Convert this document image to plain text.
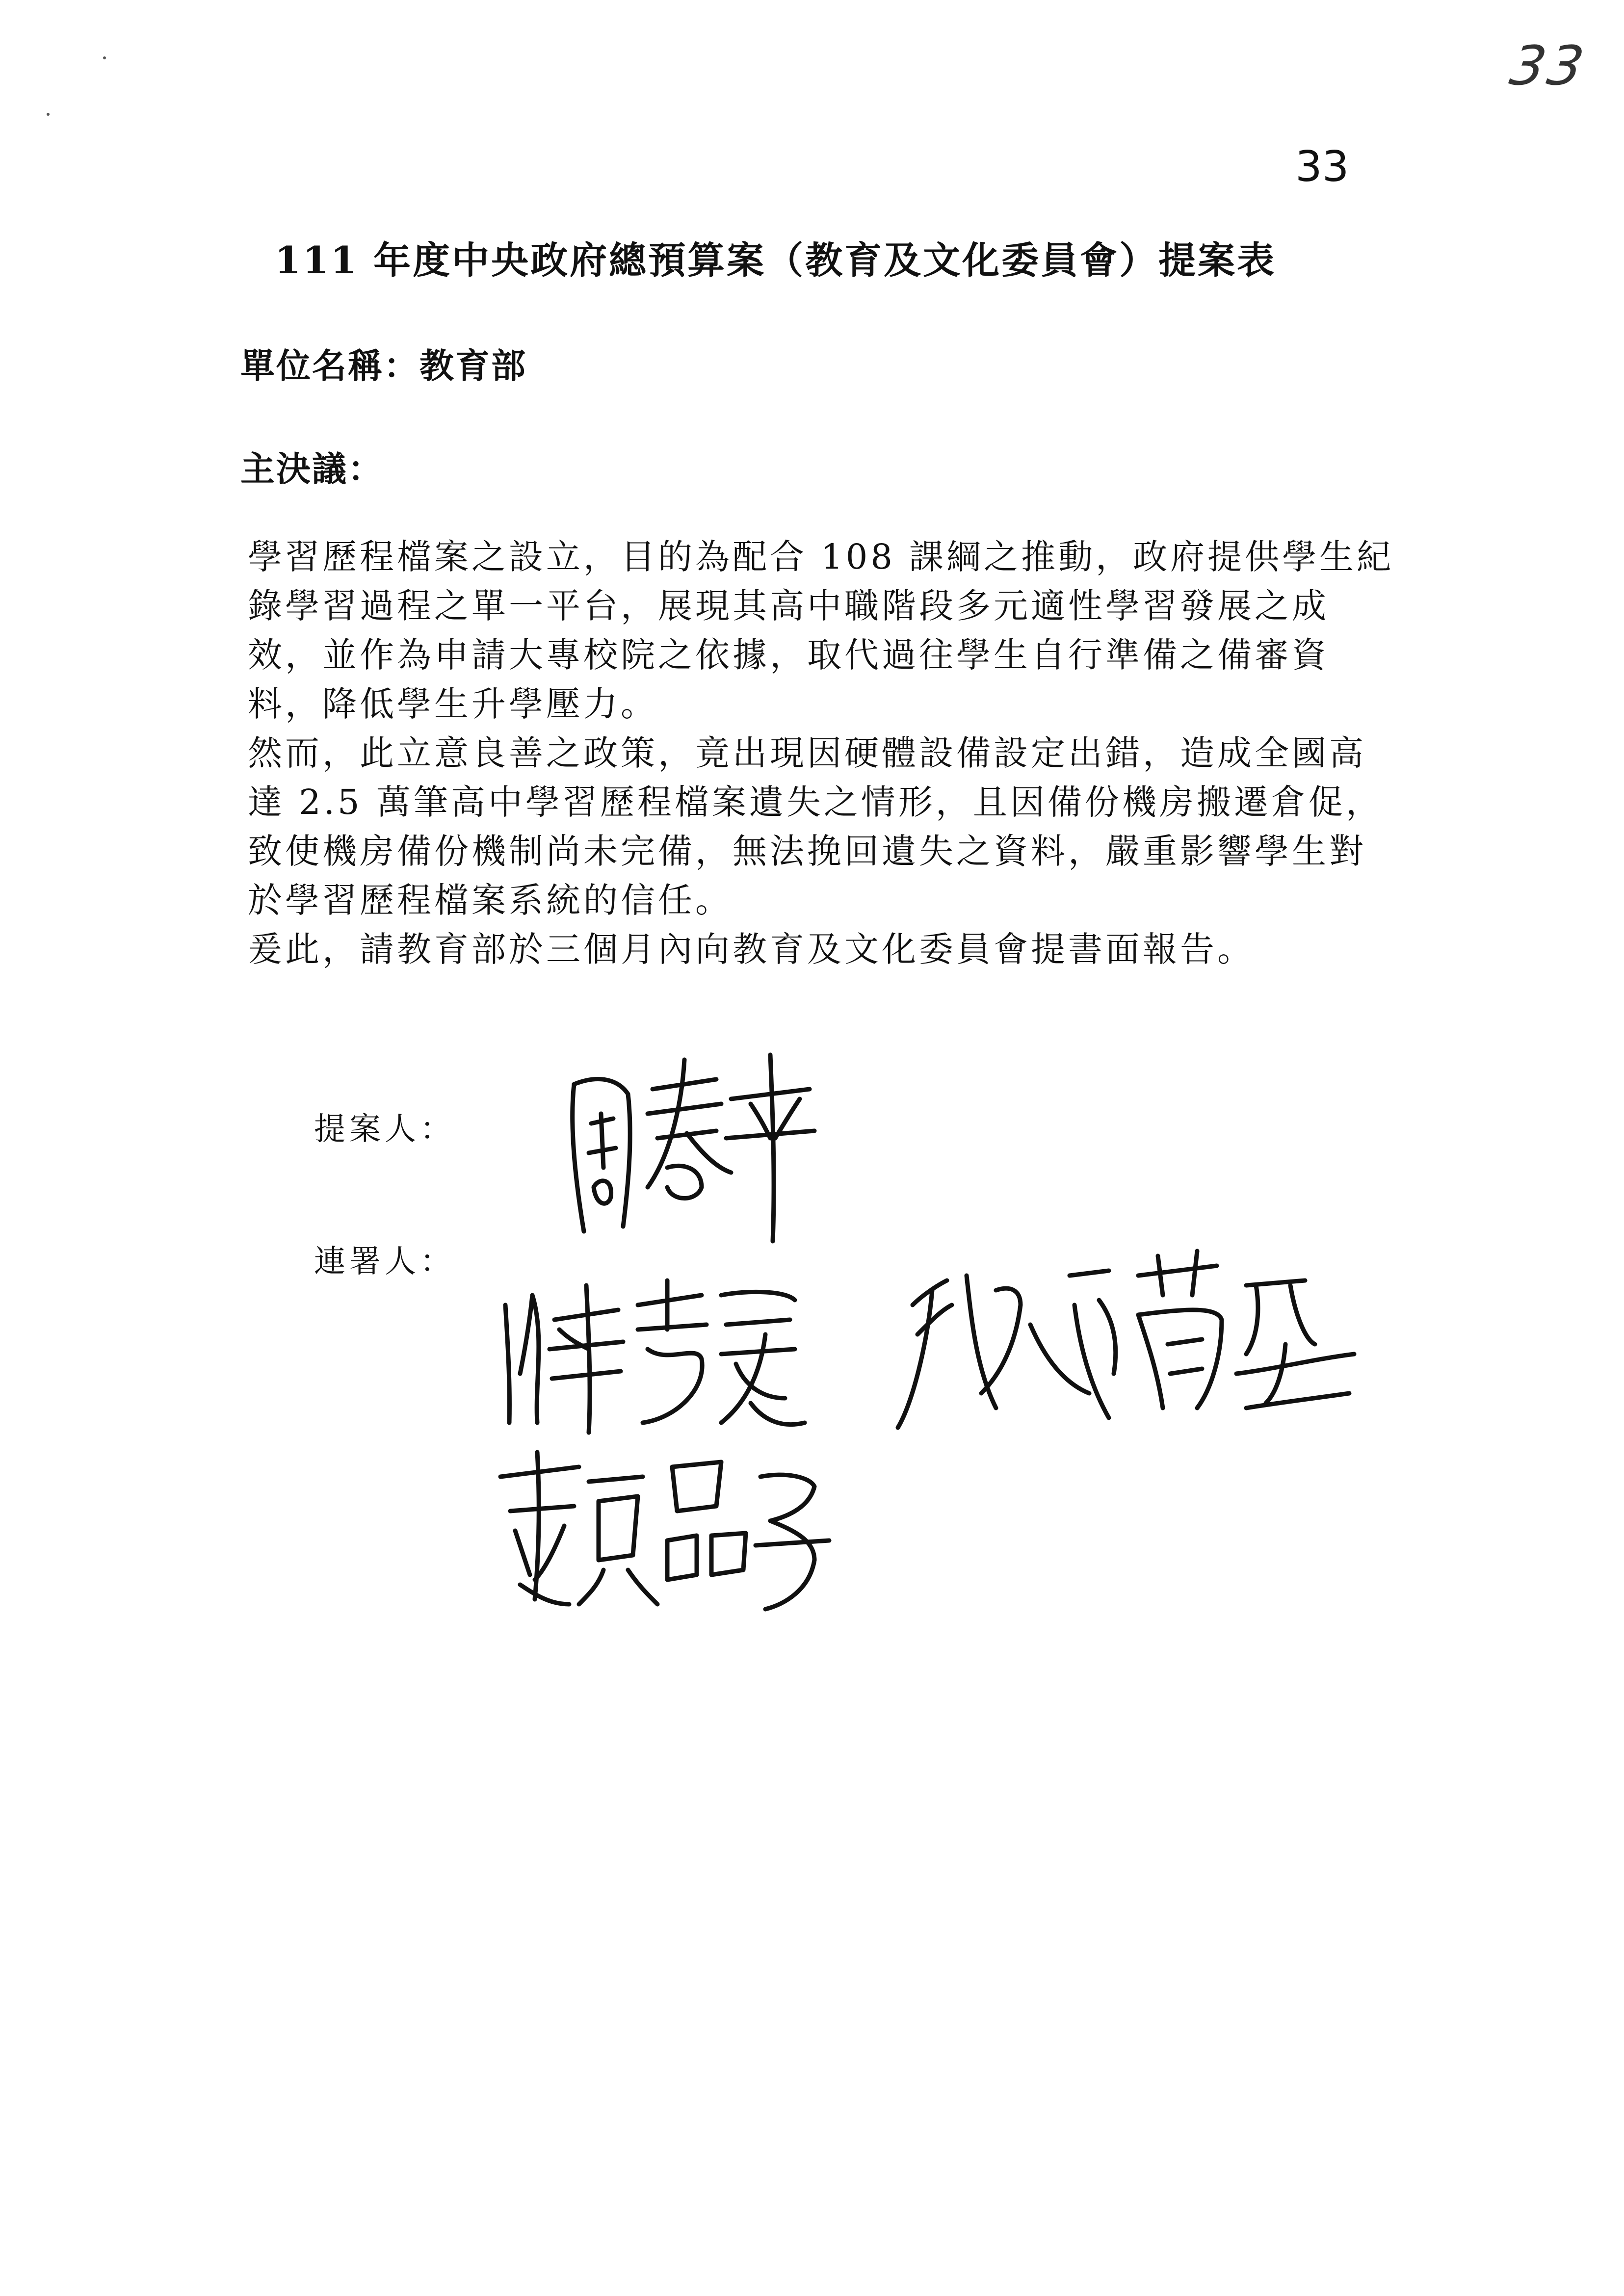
33
33
111 年度中央政府總預算案（教育及文化委員會）提案表
單位名稱：教育部
主決議：
學習歷程檔案之設立，目的為配合 108 課綱之推動，政府提供學生紀
錄學習過程之單一平台，展現其高中職階段多元適性學習發展之成
效，並作為申請大專校院之依據，取代過往學生自行準備之備審資
料，降低學生升學壓力。
然而，此立意良善之政策，竟出現因硬體設備設定出錯，造成全國高
達 2.5 萬筆高中學習歷程檔案遺失之情形，且因備份機房搬遷倉促，
致使機房備份機制尚未完備，無法挽回遺失之資料，嚴重影響學生對
於學習歷程檔案系統的信任。
爰此，請教育部於三個月內向教育及文化委員會提書面報告。
提案人：
連署人：
